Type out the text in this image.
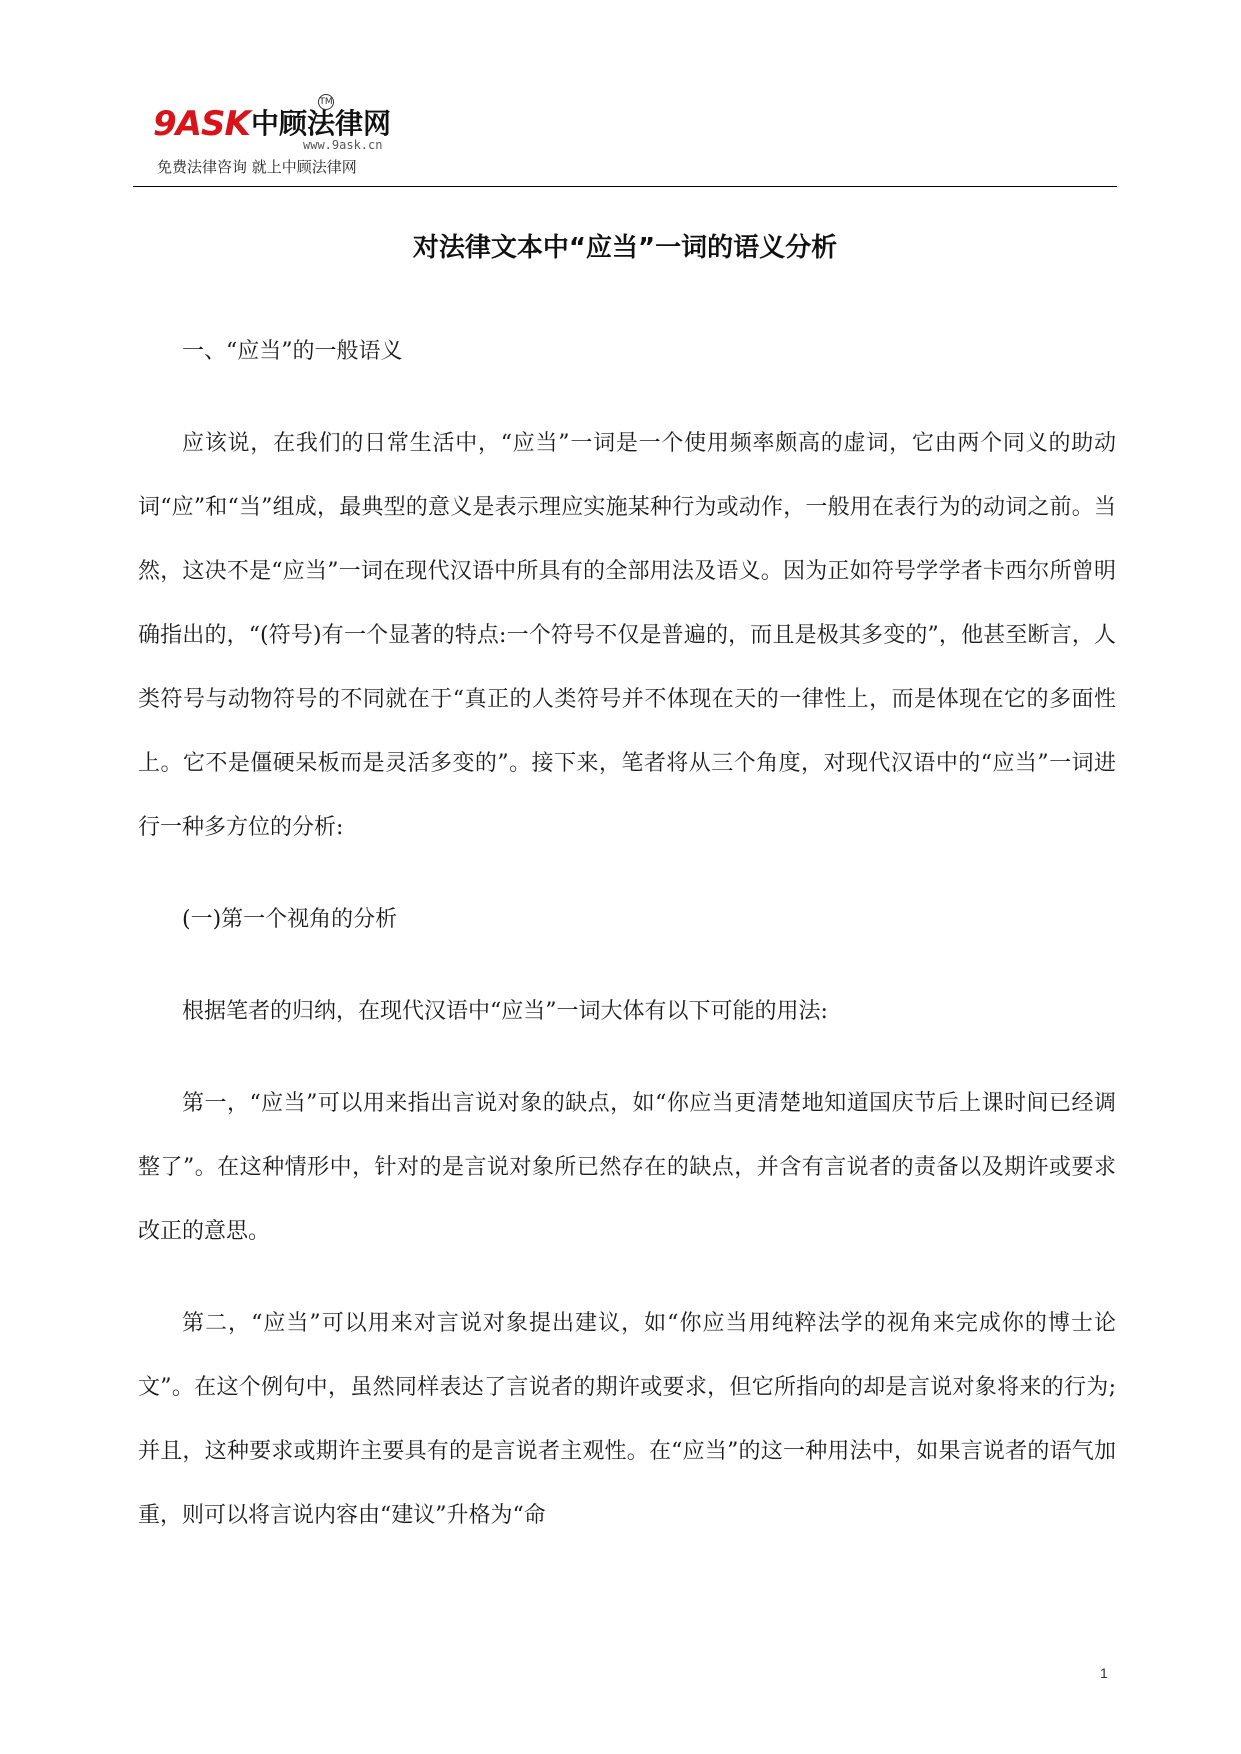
9ASK 中顾法律网
TM
www.9ask.cn
免费法律咨询 就上中顾法律网
对法律文本中“应当”一词的语义分析

一、“应当”的一般语义

应该说，在我们的日常生活中，“应当”一词是一个使用频率颇高的虚词，它由两个同义的助动词“应”和“当”组成，最典型的意义是表示理应实施某种行为或动作，一般用在表行为的动词之前。当然，这决不是“应当”一词在现代汉语中所具有的全部用法及语义。因为正如符号学学者卡西尔所曾明确指出的，“(符号)有一个显著的特点:一个符号不仅是普遍的，而且是极其多变的”，他甚至断言，人类符号与动物符号的不同就在于“真正的人类符号并不体现在天的一律性上，而是体现在它的多面性上。它不是僵硬呆板而是灵活多变的”。接下来，笔者将从三个角度，对现代汉语中的“应当”一词进行一种多方位的分析:

(一)第一个视角的分析

根据笔者的归纳，在现代汉语中“应当”一词大体有以下可能的用法:

第一，“应当”可以用来指出言说对象的缺点，如“你应当更清楚地知道国庆节后上课时间已经调整了”。在这种情形中，针对的是言说对象所已然存在的缺点，并含有言说者的责备以及期许或要求改正的意思。

第二，“应当”可以用来对言说对象提出建议，如“你应当用纯粹法学的视角来完成你的博士论文”。在这个例句中，虽然同样表达了言说者的期许或要求，但它所指向的却是言说对象将来的行为;并且，这种要求或期许主要具有的是言说者主观性。在“应当”的这一种用法中，如果言说者的语气加重，则可以将言说内容由“建议”升格为“命

1
